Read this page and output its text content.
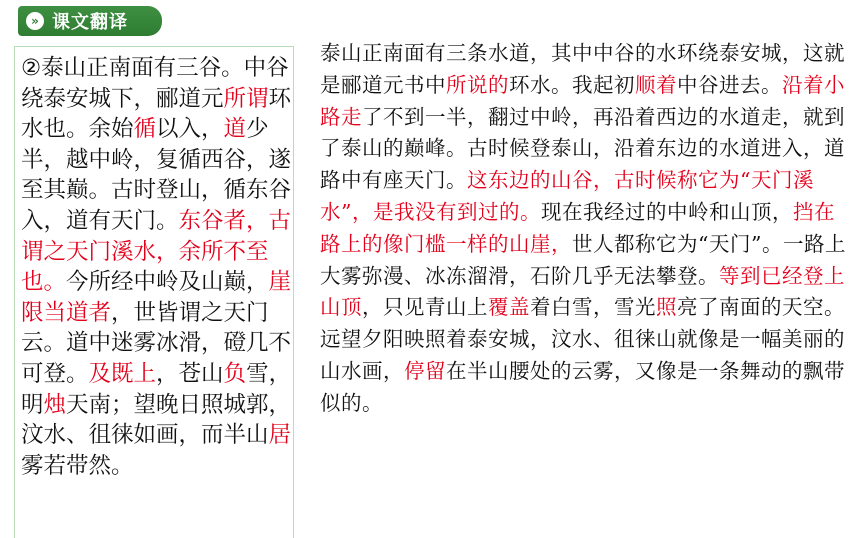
» 课文翻译
②泰山正南面有三谷。中谷绕泰安城下，郦道元所谓环水也。余始循以入，道少半，越中岭，复循西谷，遂至其巅。古时登山，循东谷入，道有天门。东谷者，古谓之天门溪水，余所不至也。今所经中岭及山巅，崖限当道者，世皆谓之天门云。道中迷雾冰滑，磴几不可登。及既上，苍山负雪，明烛天南；望晚日照城郭，汶水、徂徕如画，而半山居雾若带然。
泰山正南面有三条水道，其中中谷的水环绕泰安城，这就是郦道元书中所说的环水。我起初顺着中谷进去。沿着小路走了不到一半，翻过中岭，再沿着西边的水道走，就到了泰山的巅峰。古时候登泰山，沿着东边的水道进入，道路中有座天门。这东边的山谷，古时候称它为“天门溪水”，是我没有到过的。现在我经过的中岭和山顶，挡在路上的像门槛一样的山崖，世人都称它为“天门”。一路上大雾弥漫、冰冻溜滑，石阶几乎无法攀登。等到已经登上山顶，只见青山上覆盖着白雪，雪光照亮了南面的天空。远望夕阳映照着泰安城，汶水、徂徕山就像是一幅美丽的山水画，停留在半山腰处的云雾，又像是一条舞动的飘带似的。
